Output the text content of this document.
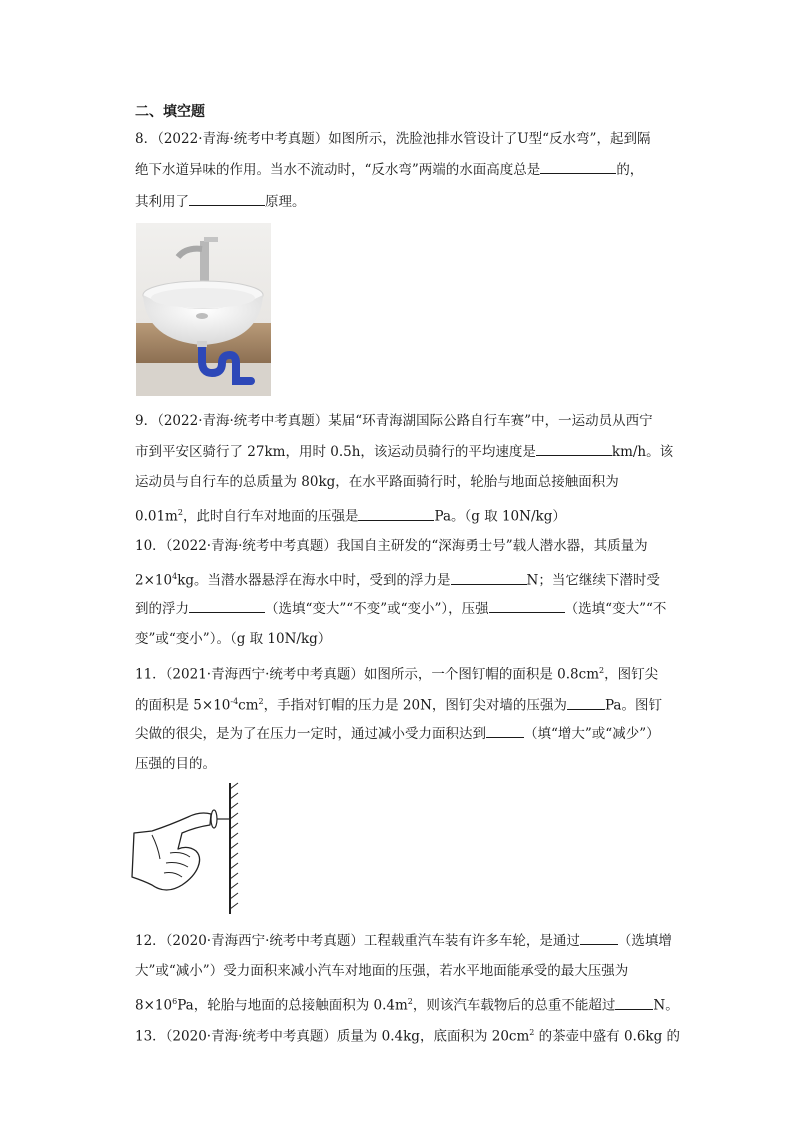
二、填空题
8．（2022·青海·统考中考真题）如图所示，洗脸池排水管设计了U型“反水弯”，起到隔
绝下水道异味的作用。当水不流动时，“反水弯”两端的水面高度总是	的，
其利用了	原理。
9．（2022·青海·统考中考真题）某届“环青海湖国际公路自行车赛”中，一运动员从西宁
市到平安区骑行了 27km，用时 0.5h，该运动员骑行的平均速度是	km/h。该
运动员与自行车的总质量为 80kg，在水平路面骑行时，轮胎与地面总接触面积为
$0.01m^2$，此时自行车对地面的压强是	Pa。（g 取 10N/kg）
10．（2022·青海·统考中考真题）我国自主研发的“深海勇士号”载人潜水器，其质量为
$2\times 10^4kg$。当潜水器悬浮在海水中时，受到的浮力是	N；当它继续下潜时受
到的浮力	（选填“变大”“不变”或“变小”），压强	（选填“变大”“不
变”或“变小”）。（g 取 10N/kg）
11．（2021·青海西宁·统考中考真题）如图所示，一个图钉帽的面积是 $0.8cm^2$，图钉尖
的面积是 $5\times 10^{-4}cm^2$，手指对钉帽的压力是 20N，图钉尖对墙的压强为	Pa。图钉
尖做的很尖，是为了在压力一定时，通过减小受力面积达到	（填“增大”或“减少”）
压强的目的。
12．（2020·青海西宁·统考中考真题）工程载重汽车装有许多车轮，是通过	（选填增
大”或“减小”）受力面积来减小汽车对地面的压强，若水平地面能承受的最大压强为
$8\times 10^6Pa$，轮胎与地面的总接触面积为 $0.4m^2$，则该汽车载物后的总重不能超过	N。
13．（2020·青海·统考中考真题）质量为 0.4kg，底面积为 $20cm^2$ 的茶壶中盛有 0.6kg 的
